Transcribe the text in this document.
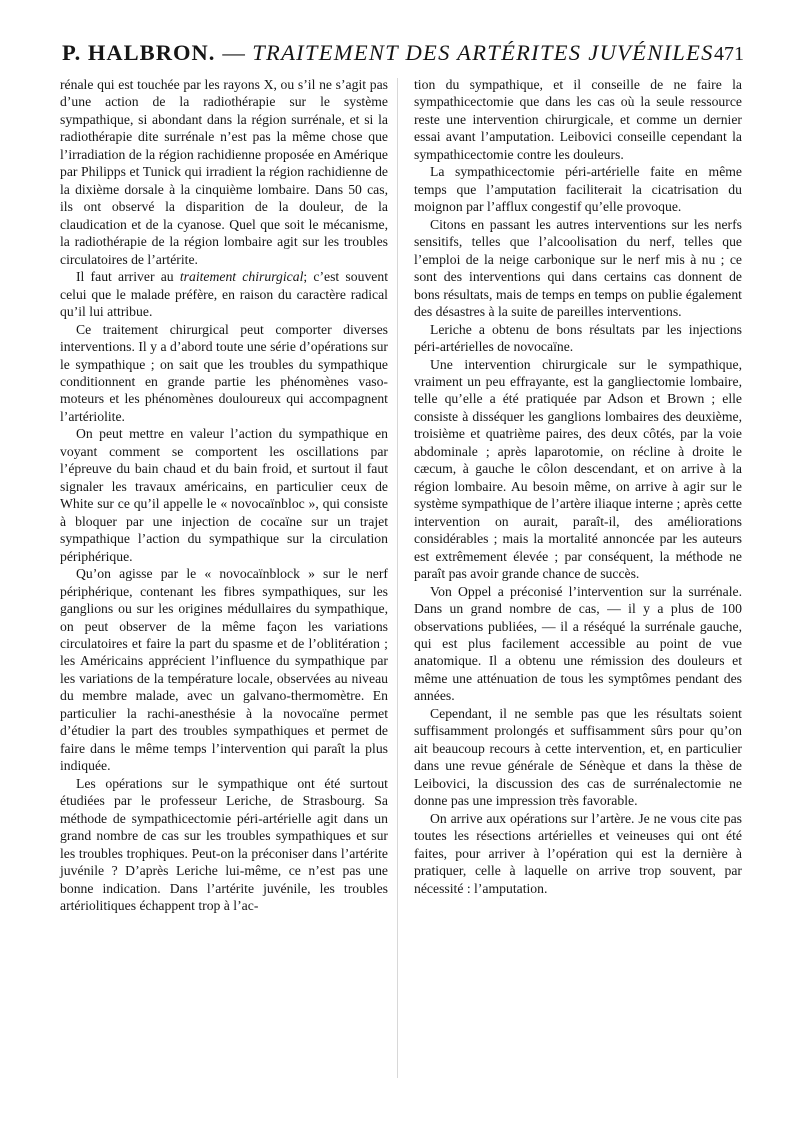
P. HALBRON. — TRAITEMENT DES ARTÉRITES JUVÉNILES 471

rénale qui est touchée par les rayons X, ou s’il ne s’agit pas d’une action de la radiothérapie sur le système sympathique, si abondant dans la région surrénale, et si la radiothérapie dite surrénale n’est pas la même chose que l’irradiation de la région rachidienne proposée en Amérique par Philipps et Tunick qui irradient la région rachidienne de la dixième dorsale à la cinquième lombaire. Dans 50 cas, ils ont observé la disparition de la douleur, de la claudication et de la cyanose. Quel que soit le mécanisme, la radiothérapie de la région lombaire agit sur les troubles circulatoires de l’artérite.

Il faut arriver au traitement chirurgical; c’est souvent celui que le malade préfère, en raison du caractère radical qu’il lui attribue.

Ce traitement chirurgical peut comporter diverses interventions. Il y a d’abord toute une série d’opérations sur le sympathique ; on sait que les troubles du sympathique conditionnent en grande partie les phénomènes vaso-moteurs et les phénomènes douloureux qui accompagnent l’artériolite.

On peut mettre en valeur l’action du sympathique en voyant comment se comportent les oscillations par l’épreuve du bain chaud et du bain froid, et surtout il faut signaler les travaux américains, en particulier ceux de White sur ce qu’il appelle le « novocaïnbloc », qui consiste à bloquer par une injection de cocaïne sur un trajet sympathique l’action du sympathique sur la circulation périphérique.

Qu’on agisse par le « novocaïnblock » sur le nerf périphérique, contenant les fibres sympathiques, sur les ganglions ou sur les origines médullaires du sympathique, on peut observer de la même façon les variations circulatoires et faire la part du spasme et de l’oblitération ; les Américains apprécient l’influence du sympathique par les variations de la température locale, observées au niveau du membre malade, avec un galvano-thermomètre. En particulier la rachi-anesthésie à la novocaïne permet d’étudier la part des troubles sympathiques et permet de faire dans le même temps l’intervention qui paraît la plus indiquée.

Les opérations sur le sympathique ont été surtout étudiées par le professeur Leriche, de Strasbourg. Sa méthode de sympathicectomie péri-artérielle agit dans un grand nombre de cas sur les troubles sympathiques et sur les troubles trophiques. Peut-on la préconiser dans l’artérite juvénile ? D’après Leriche lui-même, ce n’est pas une bonne indication. Dans l’artérite juvénile, les troubles artériolitiques échappent trop à l’ac-

tion du sympathique, et il conseille de ne faire la sympathicectomie que dans les cas où la seule ressource reste une intervention chirurgicale, et comme un dernier essai avant l’amputation. Leibovici conseille cependant la sympathicectomie contre les douleurs.

La sympathicectomie péri-artérielle faite en même temps que l’amputation faciliterait la cicatrisation du moignon par l’afflux congestif qu’elle provoque.

Citons en passant les autres interventions sur les nerfs sensitifs, telles que l’alcoolisation du nerf, telles que l’emploi de la neige carbonique sur le nerf mis à nu ; ce sont des interventions qui dans certains cas donnent de bons résultats, mais de temps en temps on publie également des désastres à la suite de pareilles interventions.

Leriche a obtenu de bons résultats par les injections péri-artérielles de novocaïne.

Une intervention chirurgicale sur le sympathique, vraiment un peu effrayante, est la gangliectomie lombaire, telle qu’elle a été pratiquée par Adson et Brown ; elle consiste à disséquer les ganglions lombaires des deuxième, troisième et quatrième paires, des deux côtés, par la voie abdominale ; après laparotomie, on récline à droite le cæcum, à gauche le côlon descendant, et on arrive à la région lombaire. Au besoin même, on arrive à agir sur le système sympathique de l’artère iliaque interne ; après cette intervention on aurait, paraît-il, des améliorations considérables ; mais la mortalité annoncée par les auteurs est extrêmement élevée ; par conséquent, la méthode ne paraît pas avoir grande chance de succès.

Von Oppel a préconisé l’intervention sur la surrénale. Dans un grand nombre de cas, — il y a plus de 100 observations publiées, — il a réséqué la surrénale gauche, qui est plus facilement accessible au point de vue anatomique. Il a obtenu une rémission des douleurs et même une atténuation de tous les symptômes pendant des années.

Cependant, il ne semble pas que les résultats soient suffisamment prolongés et suffisamment sûrs pour qu’on ait beaucoup recours à cette intervention, et, en particulier dans une revue générale de Sénèque et dans la thèse de Leibovici, la discussion des cas de surrénalectomie ne donne pas une impression très favorable.

On arrive aux opérations sur l’artère. Je ne vous cite pas toutes les résections artérielles et veineuses qui ont été faites, pour arriver à l’opération qui est la dernière à pratiquer, celle à laquelle on arrive trop souvent, par nécessité : l’amputation.
